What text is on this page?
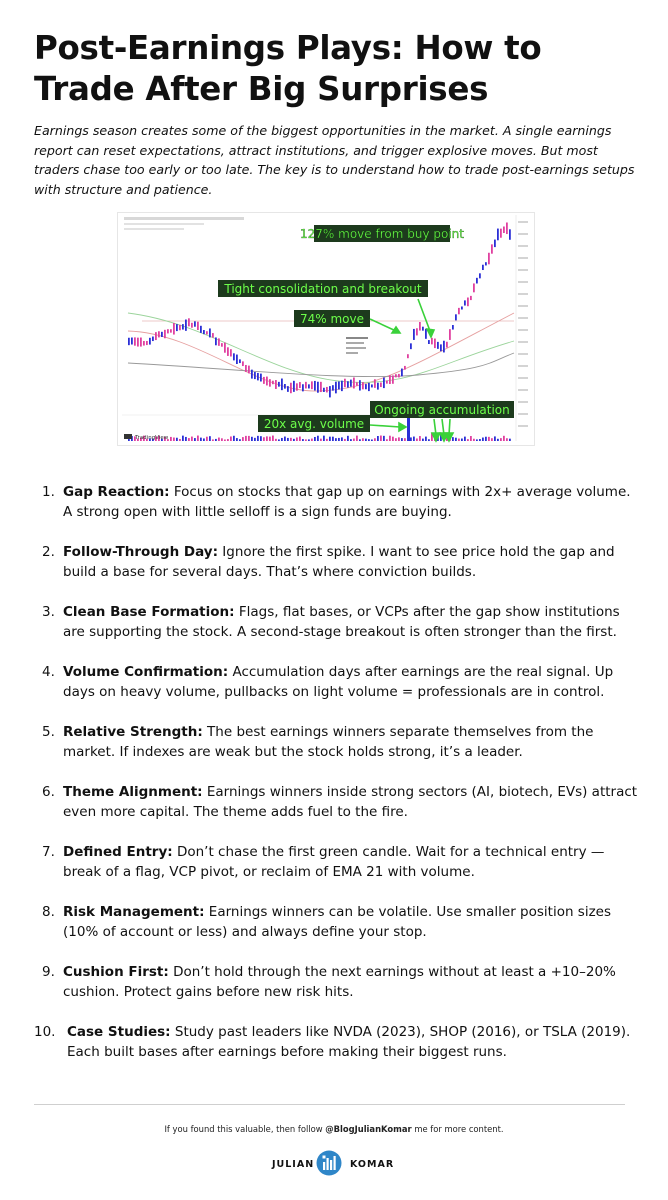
Post-Earnings Plays: How to Trade After Big Surprises

Earnings season creates some of the biggest opportunities in the market. A single earnings report can reset expectations, attract institutions, and trigger explosive moves. But most traders chase too early or too late. The key is to understand how to trade post-earnings setups with structure and patience.

127% move from buy point
Tight consolidation and breakout
74% move
20x avg. volume
Ongoing accumulation
TradingView
1. Gap Reaction: Focus on stocks that gap up on earnings with 2x+ average volume. A strong open with little selloff is a sign funds are buying.
2. Follow-Through Day: Ignore the first spike. I want to see price hold the gap and build a base for several days. That’s where conviction builds.
3. Clean Base Formation: Flags, flat bases, or VCPs after the gap show institutions are supporting the stock. A second-stage breakout is often stronger than the first.
4. Volume Confirmation: Accumulation days after earnings are the real signal. Up days on heavy volume, pullbacks on light volume = professionals are in control.
5. Relative Strength: The best earnings winners separate themselves from the market. If indexes are weak but the stock holds strong, it’s a leader.
6. Theme Alignment: Earnings winners inside strong sectors (AI, biotech, EVs) attract even more capital. The theme adds fuel to the fire.
7. Defined Entry: Don’t chase the first green candle. Wait for a technical entry — break of a flag, VCP pivot, or reclaim of EMA 21 with volume.
8. Risk Management: Earnings winners can be volatile. Use smaller position sizes (10% of account or less) and always define your stop.
9. Cushion First: Don’t hold through the next earnings without at least a +10–20% cushion. Protect gains before new risk hits.
10. Case Studies: Study past leaders like NVDA (2023), SHOP (2016), or TSLA (2019). Each built bases after earnings before making their biggest runs.
If you found this valuable, then follow @BlogJulianKomar me for more content.
JULIAN	KOMAR
